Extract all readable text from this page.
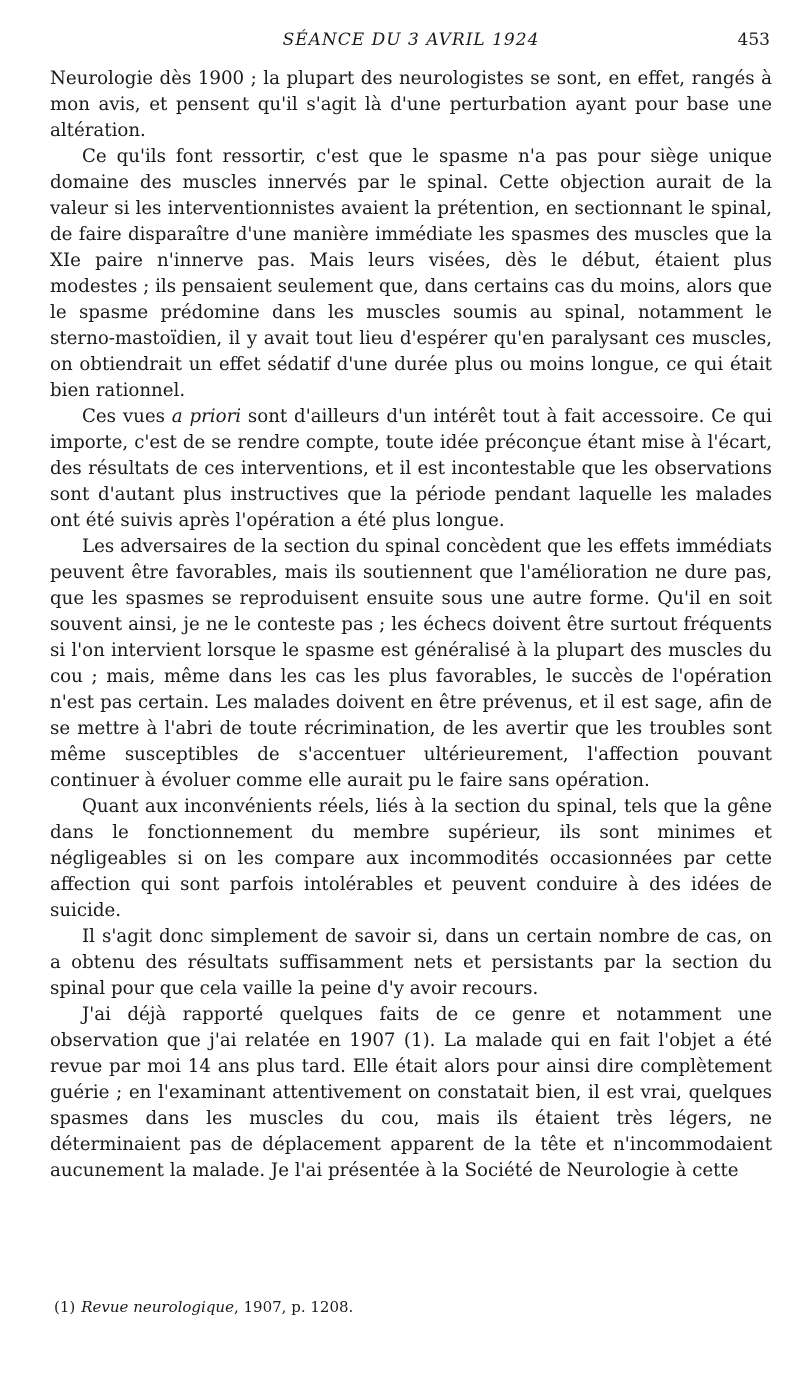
SÉANCE DU 3 AVRIL 1924	453

Neurologie dès 1900 ; la plupart des neurologistes se sont, en effet, rangés à mon avis, et pensent qu'il s'agit là d'une perturbation ayant pour base une altération.

Ce qu'ils font ressortir, c'est que le spasme n'a pas pour siège unique domaine des muscles innervés par le spinal. Cette objection aurait de la valeur si les interventionnistes avaient la prétention, en sectionnant le spinal, de faire disparaître d'une manière immédiate les spasmes des muscles que la XIe paire n'innerve pas. Mais leurs visées, dès le début, étaient plus modestes ; ils pensaient seulement que, dans certains cas du moins, alors que le spasme prédomine dans les muscles soumis au spinal, notamment le sterno-mastoïdien, il y avait tout lieu d'espérer qu'en paralysant ces muscles, on obtiendrait un effet sédatif d'une durée plus ou moins longue, ce qui était bien rationnel.

Ces vues a priori sont d'ailleurs d'un intérêt tout à fait accessoire. Ce qui importe, c'est de se rendre compte, toute idée préconçue étant mise à l'écart, des résultats de ces interventions, et il est incontestable que les observations sont d'autant plus instructives que la période pendant laquelle les malades ont été suivis après l'opération a été plus longue.

Les adversaires de la section du spinal concèdent que les effets immédiats peuvent être favorables, mais ils soutiennent que l'amélioration ne dure pas, que les spasmes se reproduisent ensuite sous une autre forme. Qu'il en soit souvent ainsi, je ne le conteste pas ; les échecs doivent être surtout fréquents si l'on intervient lorsque le spasme est généralisé à la plupart des muscles du cou ; mais, même dans les cas les plus favorables, le succès de l'opération n'est pas certain. Les malades doivent en être prévenus, et il est sage, afin de se mettre à l'abri de toute récrimination, de les avertir que les troubles sont même susceptibles de s'accentuer ultérieurement, l'affection pouvant continuer à évoluer comme elle aurait pu le faire sans opération.

Quant aux inconvénients réels, liés à la section du spinal, tels que la gêne dans le fonctionnement du membre supérieur, ils sont minimes et négligeables si on les compare aux incommodités occasionnées par cette affection qui sont parfois intolérables et peuvent conduire à des idées de suicide.

Il s'agit donc simplement de savoir si, dans un certain nombre de cas, on a obtenu des résultats suffisamment nets et persistants par la section du spinal pour que cela vaille la peine d'y avoir recours.

J'ai déjà rapporté quelques faits de ce genre et notamment une observation que j'ai relatée en 1907 (1). La malade qui en fait l'objet a été revue par moi 14 ans plus tard. Elle était alors pour ainsi dire complètement guérie ; en l'examinant attentivement on constatait bien, il est vrai, quelques spasmes dans les muscles du cou, mais ils étaient très légers, ne déterminaient pas de déplacement apparent de la tête et n'incommodaient aucunement la malade. Je l'ai présentée à la Société de Neurologie à cette

(1) Revue neurologique, 1907, p. 1208.
